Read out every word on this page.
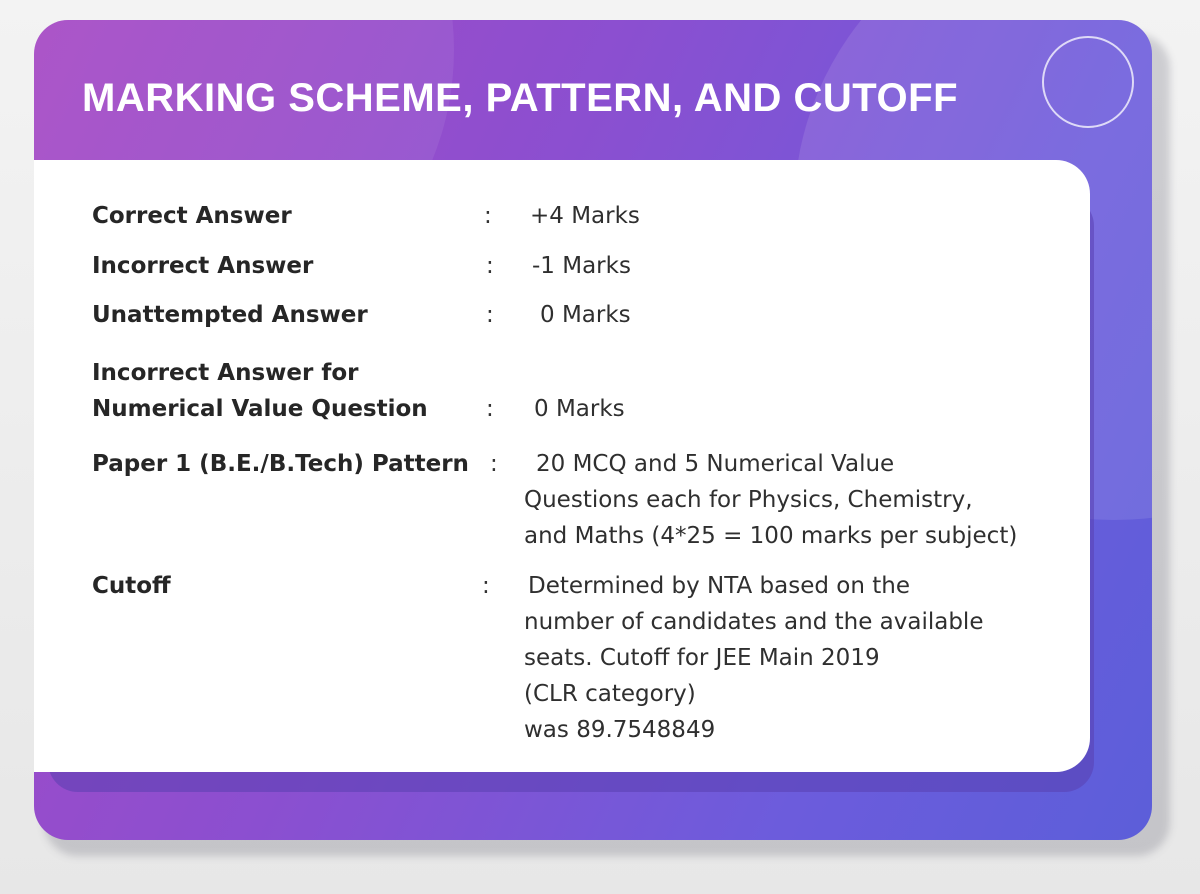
MARKING SCHEME, PATTERN, AND CUTOFF
Correct Answer	: +4 Marks
Incorrect Answer	: -1 Marks
Unattempted Answer	: 0 Marks
Incorrect Answer for
Numerical Value Question	: 0 Marks
Paper 1 (B.E./B.Tech) Pattern :	20 MCQ and 5 Numerical Value
Questions each for Physics, Chemistry,
and Maths (4*25 = 100 marks per subject)
Cutoff	: Determined by NTA based on the
number of candidates and the available
seats. Cutoff for JEE Main 2019
(CLR category)
was 89.7548849
